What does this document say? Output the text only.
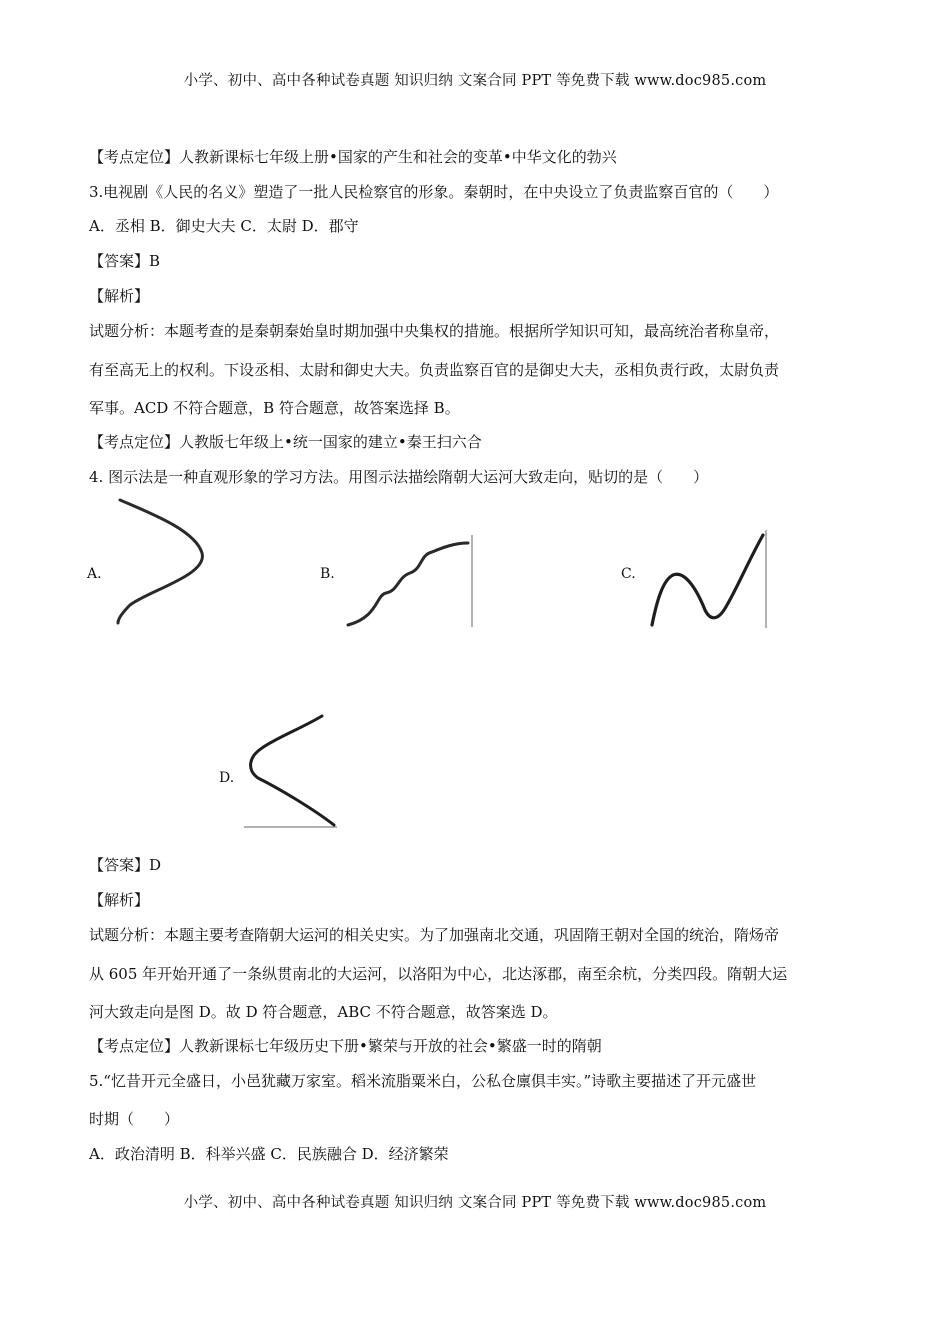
小学、初中、高中各种试卷真题 知识归纳 文案合同 PPT 等免费下载 www.doc985.com
【考点定位】人教新课标七年级上册•国家的产生和社会的变革•中华文化的勃兴
3.电视剧《人民的名义》塑造了一批人民检察官的形象。秦朝时，在中央设立了负责监察百官的（　　）
A．丞相 B．御史大夫 C．太尉 D．郡守
【答案】B
【解析】
试题分析：本题考查的是秦朝秦始皇时期加强中央集权的措施。根据所学知识可知，最高统治者称皇帝，
有至高无上的权利。下设丞相、太尉和御史大夫。负责监察百官的是御史大夫，丞相负责行政，太尉负责
军事。ACD 不符合题意，B 符合题意，故答案选择 B。
【考点定位】人教版七年级上•统一国家的建立•秦王扫六合
4. 图示法是一种直观形象的学习方法。用图示法描绘隋朝大运河大致走向，贴切的是（　　）
A.	B.	C.
D.
【答案】D
【解析】
试题分析：本题主要考查隋朝大运河的相关史实。为了加强南北交通，巩固隋王朝对全国的统治，隋炀帝
从 605 年开始开通了一条纵贯南北的大运河，以洛阳为中心，北达涿郡，南至余杭，分类四段。隋朝大运
河大致走向是图 D。故 D 符合题意，ABC 不符合题意，故答案选 D。
【考点定位】人教新课标七年级历史下册•繁荣与开放的社会•繁盛一时的隋朝
5.“忆昔开元全盛日，小邑犹藏万家室。稻米流脂粟米白，公私仓廪俱丰实。”诗歌主要描述了开元盛世
时期（　　）
A．政治清明 B．科举兴盛 C．民族融合 D．经济繁荣
小学、初中、高中各种试卷真题 知识归纳 文案合同 PPT 等免费下载 www.doc985.com
